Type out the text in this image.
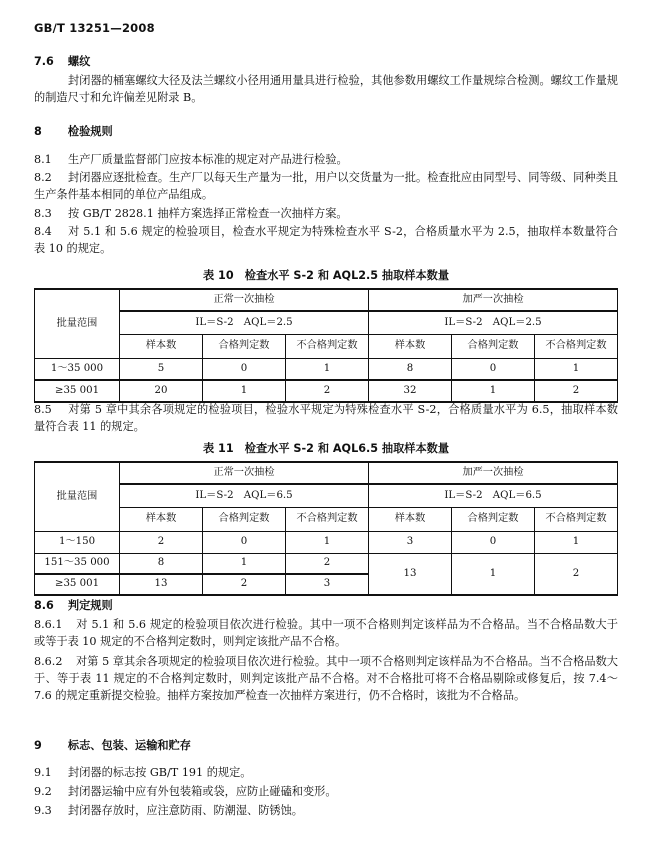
GB/T 13251—2008
7.6 螺纹
封闭器的桶塞螺纹大径及法兰螺纹小径用通用量具进行检验，其他参数用螺纹工作量规综合检测。螺纹工作量规的制造尺寸和允许偏差见附录 B。
8 检验规则
8.1 生产厂质量监督部门应按本标准的规定对产品进行检验。
8.2 封闭器应逐批检查。生产厂以每天生产量为一批，用户以交货量为一批。检查批应由同型号、同等级、同种类且生产条件基本相同的单位产品组成。
8.3 按 GB/T 2828.1 抽样方案选择正常检查一次抽样方案。
8.4 对 5.1 和 5.6 规定的检验项目，检查水平规定为特殊检查水平 S-2，合格质量水平为 2.5，抽取样本数量符合表 10 的规定。
表 10　检查水平 S-2 和 AQL2.5 抽取样本数量
批量范围	正常一次抽检			加严一次抽检		
	IL＝S-2　AQL＝2.5			IL＝S-2　AQL＝2.5		
	样本数	合格判定数	不合格判定数	样本数	合格判定数	不合格判定数
1～35 000	5	0	1	8	0	1
≥35 001	20	1	2	32	1	2
8.5 对第 5 章中其余各项规定的检验项目，检验水平规定为特殊检查水平 S-2，合格质量水平为 6.5，抽取样本数量符合表 11 的规定。
表 11　检查水平 S-2 和 AQL6.5 抽取样本数量
批量范围	正常一次抽检			加严一次抽检		
	IL＝S-2　AQL＝6.5			IL＝S-2　AQL＝6.5		
	样本数	合格判定数	不合格判定数	样本数	合格判定数	不合格判定数
1～150	2	0	1	3	0	1
151～35 000	8	1	2	13	1	2
≥35 001	13	2	3			
8.6 判定规则
8.6.1 对 5.1 和 5.6 规定的检验项目依次进行检验。其中一项不合格则判定该样品为不合格品。当不合格品数大于或等于表 10 规定的不合格判定数时，则判定该批产品不合格。
8.6.2 对第 5 章其余各项规定的检验项目依次进行检验。其中一项不合格则判定该样品为不合格品。当不合格品数大于、等于表 11 规定的不合格判定数时，则判定该批产品不合格。对不合格批可将不合格品剔除或修复后，按 7.4～7.6 的规定重新提交检验。抽样方案按加严检查一次抽样方案进行，仍不合格时，该批为不合格品。
9 标志、包装、运输和贮存
9.1 封闭器的标志按 GB/T 191 的规定。
9.2 封闭器运输中应有外包装箱或袋，应防止碰磕和变形。
9.3 封闭器存放时，应注意防雨、防潮湿、防锈蚀。
